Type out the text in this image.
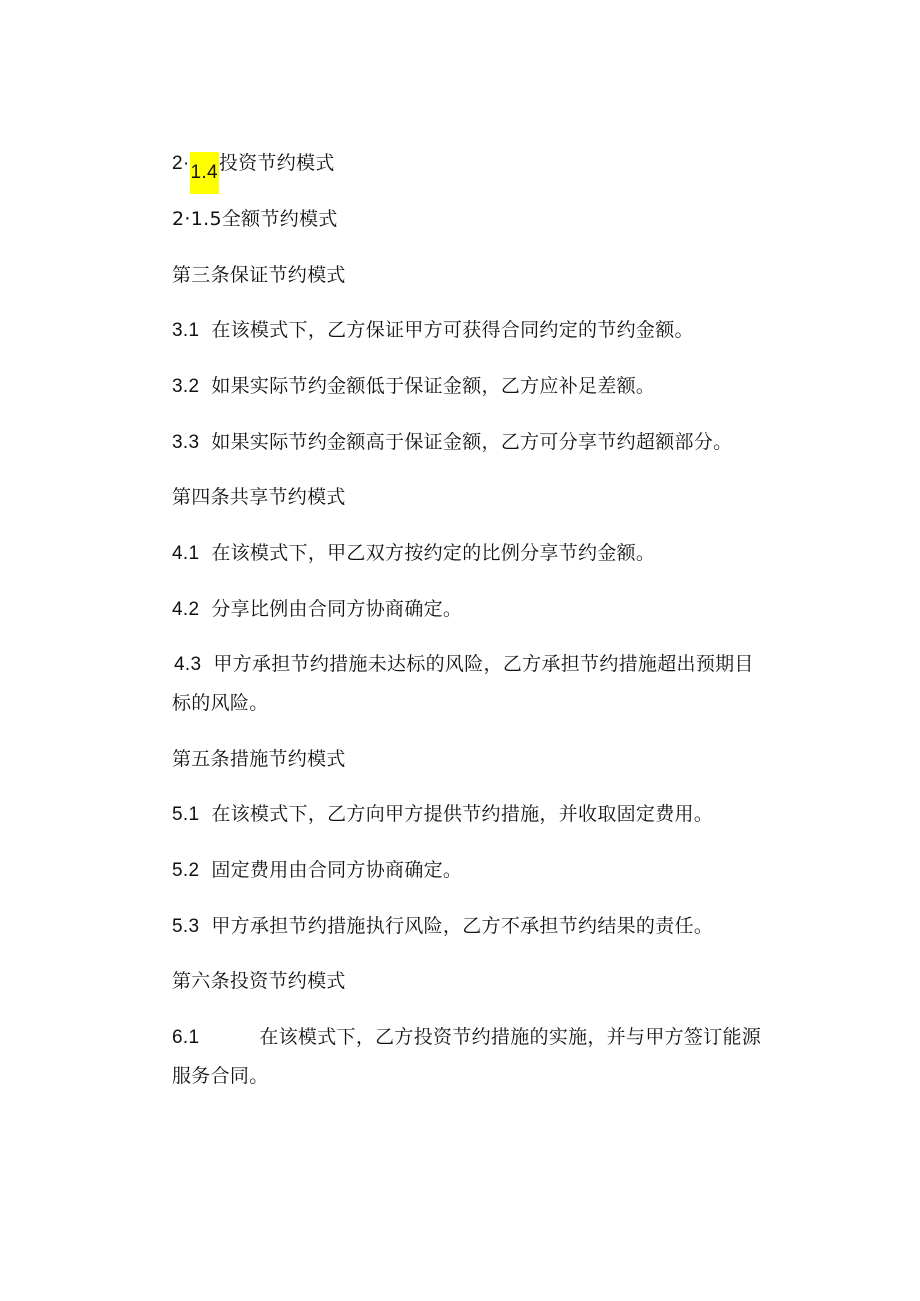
2·1.4投资节约模式
2·1.5全额节约模式
第三条保证节约模式
3.1 在该模式下，乙方保证甲方可获得合同约定的节约金额。
3.2 如果实际节约金额低于保证金额，乙方应补足差额。
3.3 如果实际节约金额高于保证金额，乙方可分享节约超额部分。
第四条共享节约模式
4.1 在该模式下，甲乙双方按约定的比例分享节约金额。
4.2 分享比例由合同方协商确定。
4.3 甲方承担节约措施未达标的风险，乙方承担节约措施超出预期目
标的风险。
第五条措施节约模式
5.1 在该模式下，乙方向甲方提供节约措施，并收取固定费用。
5.2 固定费用由合同方协商确定。
5.3 甲方承担节约措施执行风险，乙方不承担节约结果的责任。
第六条投资节约模式
6.1	在该模式下，乙方投资节约措施的实施，并与甲方签订能源
服务合同。
